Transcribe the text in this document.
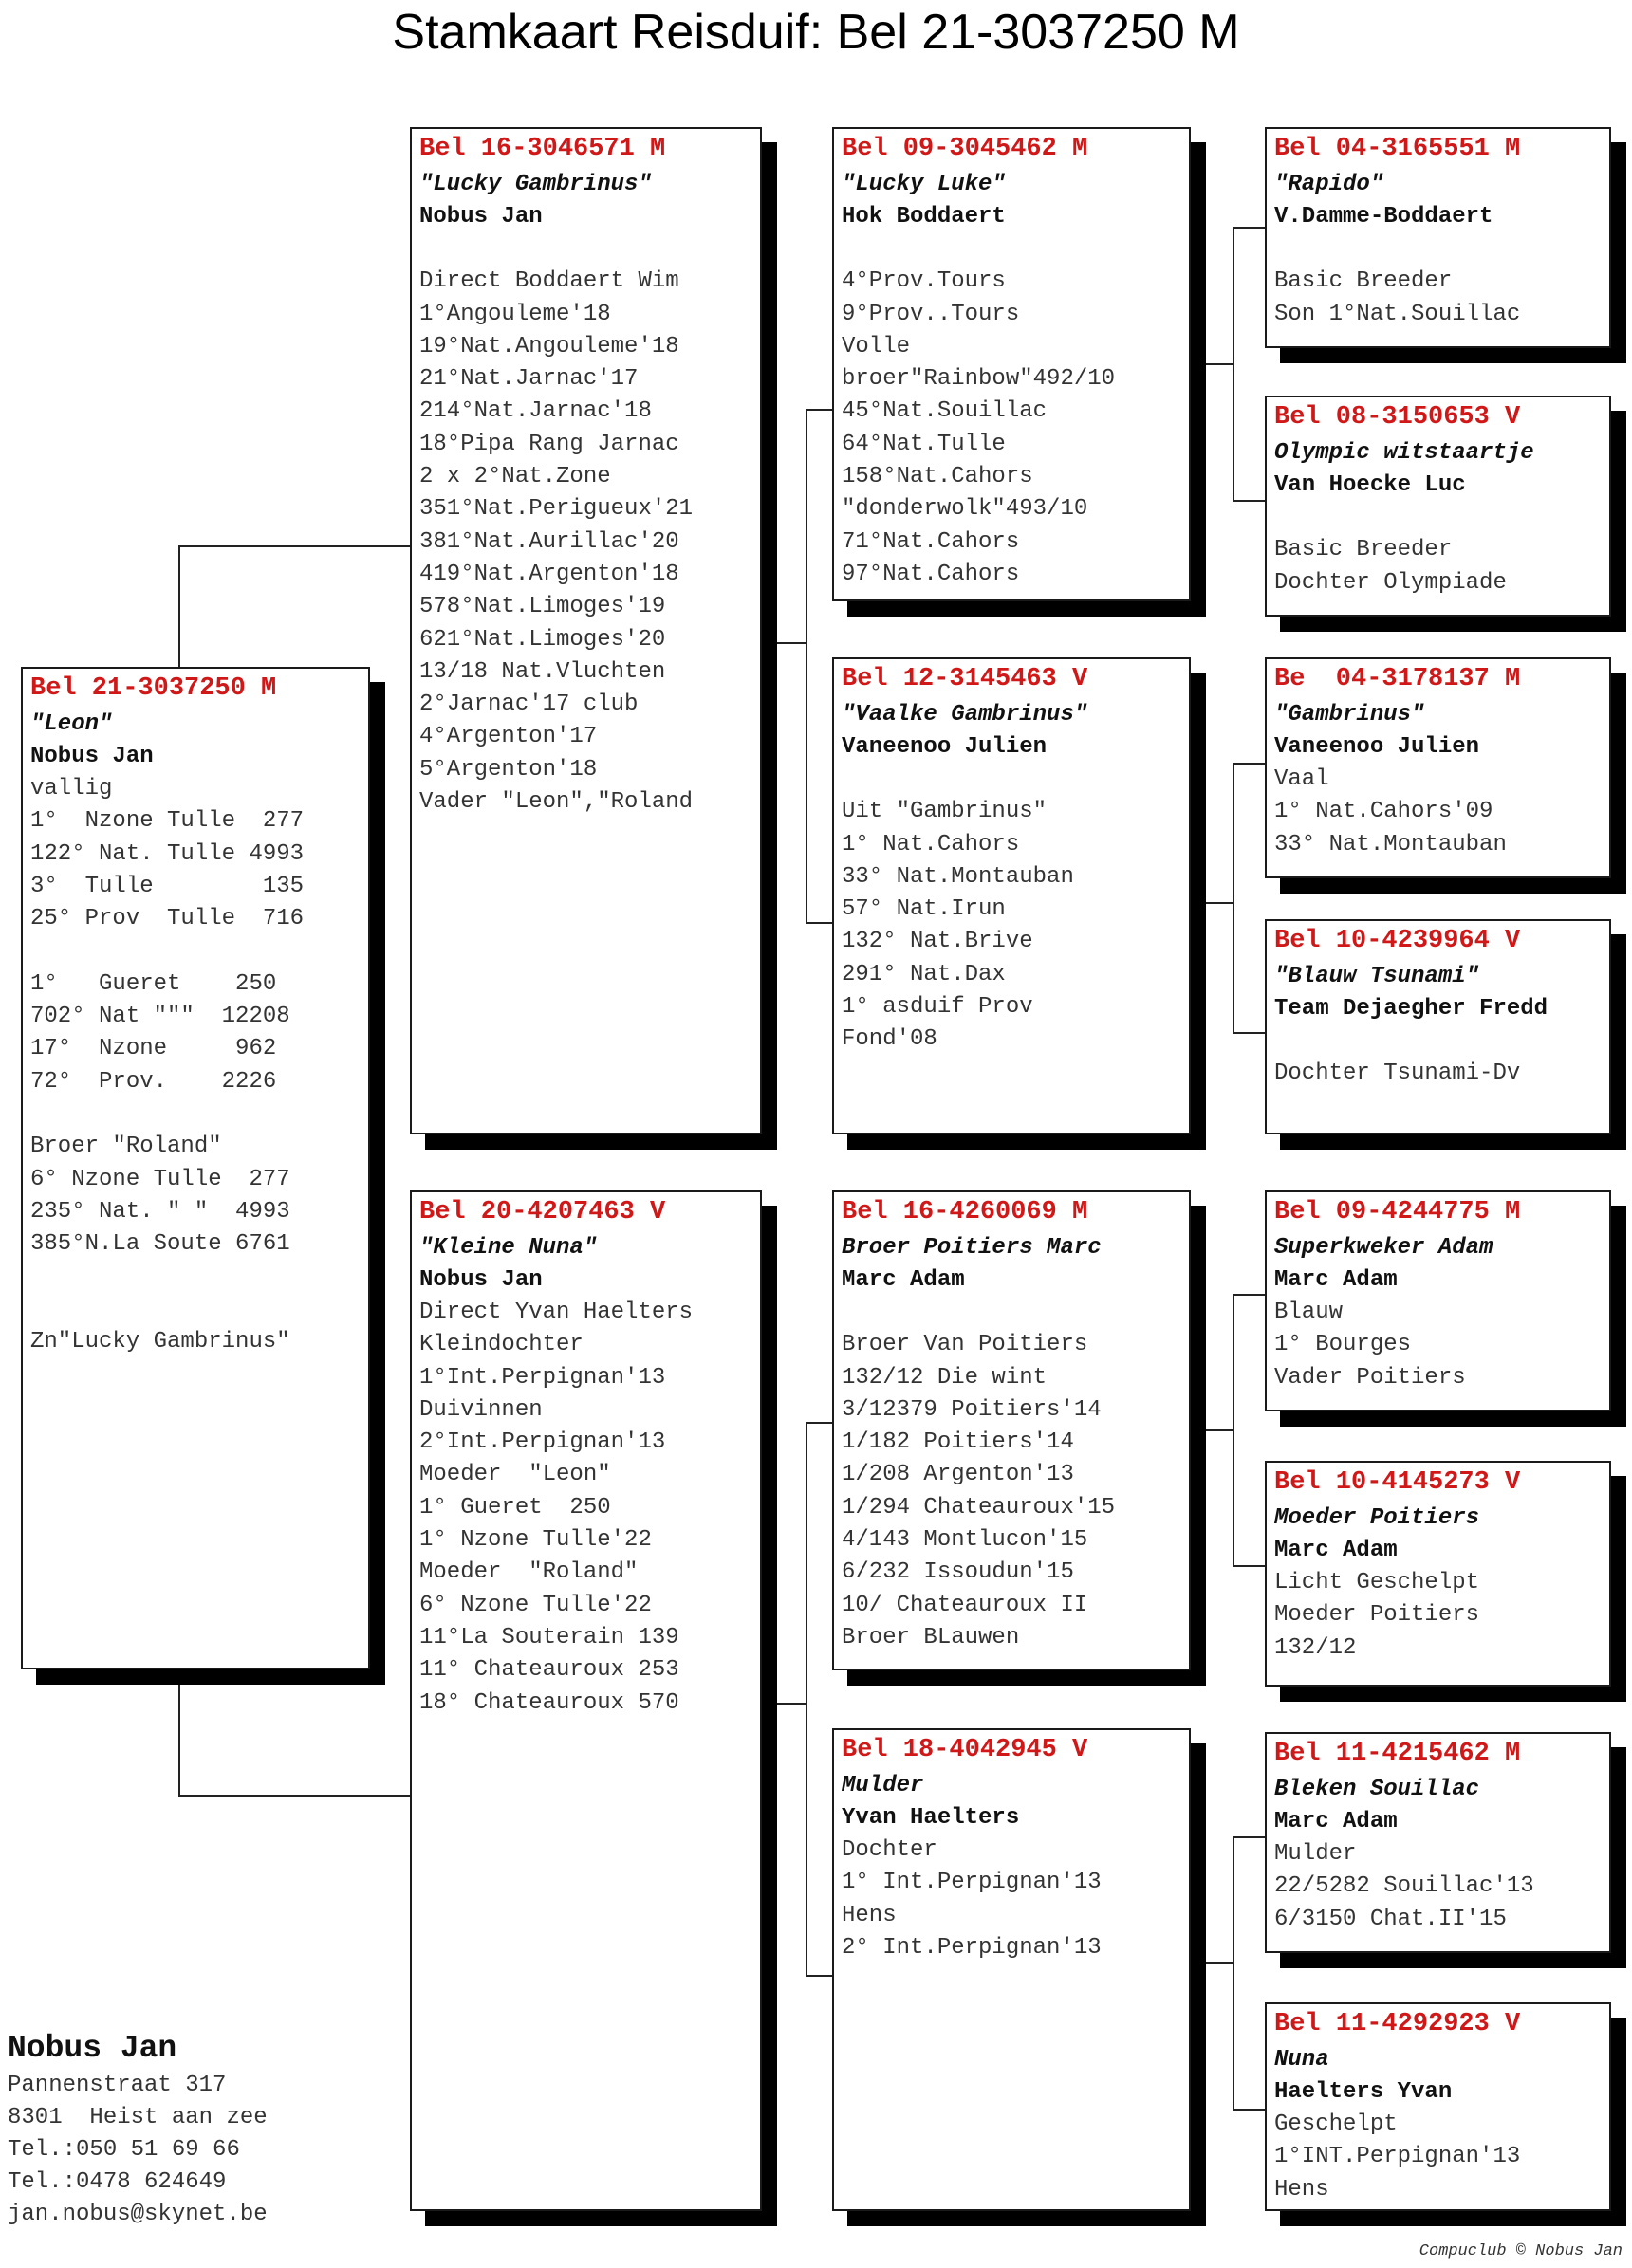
Stamkaart Reisduif: Bel 21-3037250 M
Bel 21-3037250 M
"Leon"
Nobus Jan
vallig
1°  Nzone Tulle  277
122° Nat. Tulle 4993
3°  Tulle        135
25° Prov  Tulle  716

1°   Gueret    250
702° Nat """  12208
17°  Nzone     962
72°  Prov.    2226

Broer "Roland"
6° Nzone Tulle  277
235° Nat. " "  4993
385°N.La Soute 6761

Zn"Lucky Gambrinus"
Bel 16-3046571 M
"Lucky Gambrinus"
Nobus Jan

Direct Boddaert Wim
1°Angouleme'18
19°Nat.Angouleme'18
21°Nat.Jarnac'17
214°Nat.Jarnac'18
18°Pipa Rang Jarnac
2 x 2°Nat.Zone
351°Nat.Perigueux'21
381°Nat.Aurillac'20
419°Nat.Argenton'18
578°Nat.Limoges'19
621°Nat.Limoges'20
13/18 Nat.Vluchten
2°Jarnac'17 club
4°Argenton'17
5°Argenton'18
Vader "Leon","Roland
Bel 20-4207463 V
"Kleine Nuna"
Nobus Jan
Direct Yvan Haelters
Kleindochter
1°Int.Perpignan'13
Duivinnen
2°Int.Perpignan'13
Moeder  "Leon"
1° Gueret  250
1° Nzone Tulle'22
Moeder  "Roland"
6° Nzone Tulle'22
11°La Souterain 139
11° Chateauroux 253
18° Chateauroux 570
Bel 09-3045462 M
"Lucky Luke"
Hok Boddaert

4°Prov.Tours
9°Prov..Tours
Volle
broer"Rainbow"492/10
45°Nat.Souillac
64°Nat.Tulle
158°Nat.Cahors
"donderwolk"493/10
71°Nat.Cahors
97°Nat.Cahors
Bel 12-3145463 V
"Vaalke Gambrinus"
Vaneenoo Julien

Uit "Gambrinus"
1° Nat.Cahors
33° Nat.Montauban
57° Nat.Irun
132° Nat.Brive
291° Nat.Dax
1° asduif Prov
Fond'08
Bel 16-4260069 M
Broer Poitiers Marc
Marc Adam

Broer Van Poitiers
132/12 Die wint
3/12379 Poitiers'14
1/182 Poitiers'14
1/208 Argenton'13
1/294 Chateauroux'15
4/143 Montlucon'15
6/232 Issoudun'15
10/ Chateauroux II
Broer BLauwen
Bel 18-4042945 V
Mulder
Yvan Haelters
Dochter
1° Int.Perpignan'13
Hens
2° Int.Perpignan'13
Bel 04-3165551 M
"Rapido"
V.Damme-Boddaert

Basic Breeder
Son 1°Nat.Souillac
Bel 08-3150653 V
Olympic witstaartje
Van Hoecke Luc

Basic Breeder
Dochter Olympiade
Be  04-3178137 M
"Gambrinus"
Vaneenoo Julien
Vaal
1° Nat.Cahors'09
33° Nat.Montauban
Bel 10-4239964 V
"Blauw Tsunami"
Team Dejaegher Fredd

Dochter Tsunami-Dv
Bel 09-4244775 M
Superkweker Adam
Marc Adam
Blauw
1° Bourges
Vader Poitiers
Bel 10-4145273 V
Moeder Poitiers
Marc Adam
Licht Geschelpt
Moeder Poitiers
132/12
Bel 11-4215462 M
Bleken Souillac
Marc Adam
Mulder
22/5282 Souillac'13
6/3150 Chat.II'15
Bel 11-4292923 V
Nuna
Haelters Yvan
Geschelpt
1°INT.Perpignan'13
Hens
Nobus Jan
Pannenstraat 317
8301  Heist aan zee
Tel.:050 51 69 66
Tel.:0478 624649
jan.nobus@skynet.be
Compuclub © Nobus Jan
